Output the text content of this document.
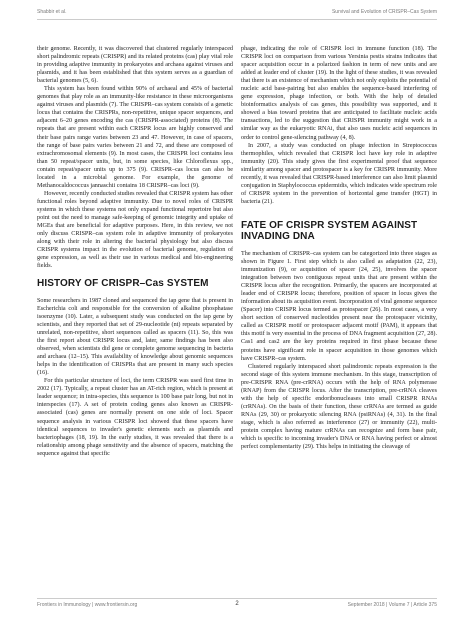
Shabbir et al.	Survival and Evolution of CRISPR–Cas System

their genome. Recently, it was discovered that clustered regularly interspaced short palindromic repeats (CRISPR) and its related proteins (cas) play vital role in providing adaptive immunity in prokaryotes and archaea against viruses and plasmids, and it has been established that this system serves as a guardian of bacterial genomes (5, 6).

This system has been found within 90% of archaeal and 45% of bacterial genomes that play role as an immunity-like resistance in these microorganisms against viruses and plasmids (7). The CRISPR–cas system consists of a genetic locus that contains the CRISPRs, non-repetitive, unique spacer sequences, and adjacent 6–20 genes encoding the cas (CRISPR-associated) proteins (8). The repeats that are present within each CRISPR locus are highly conserved and their base pairs range varies between 23 and 47. However, in case of spacers, the range of base pairs varies between 21 and 72, and these are composed of extrachromosomal elements (9). In most cases, the CRISPR loci contains less than 50 repeat/spacer units, but, in some species, like Chloroflexus spp., contain repeat/spacer units up to 375 (9). CRISPR–cas locus can also be located in a microbial genome. For example, the genome of Methanocaldococcus jannaschii contains 18 CRISPR–cas loci (9).

However, recently conducted studies revealed that CRISPR system has other functional roles beyond adaptive immunity. Due to novel roles of CRISPR systems in which these systems not only expand functional repertoire but also point out the need to manage safe-keeping of genomic integrity and uptake of MGEs that are beneficial for adaptive purposes. Here, in this review, we not only discuss CRISPR–cas system role in adaptive immunity of prokaryotes along with their role in altering the bacterial physiology but also discuss CRISPR systems impact in the evolution of bacterial genome, regulation of gene expression, as well as their use in various medical and bio-engineering fields.

HISTORY OF CRISPR–Cas SYSTEM

Some researchers in 1987 cloned and sequenced the iap gene that is present in Escherichia coli and responsible for the conversion of alkaline phosphatase isoenzyme (10). Later, a subsequent study was conducted on the iap gene by scientists, and they reported that set of 29-nucleotide (nt) repeats separated by unrelated, non-repetitive, short sequences called as spacers (11). So, this was the first report about CRISPR locus and, later, same findings has been also observed, when scientists did gene or complete genome sequencing in bacteria and archaea (12–15). This availability of knowledge about genomic sequences helps in the identification of CRISPRs that are present in many such species (16).

For this particular structure of loci, the term CRISPR was used first time in 2002 (17). Typically, a repeat cluster has an AT-rich region, which is present at leader sequence; in intra-species, this sequence is 100 base pair long, but not in interspecies (17). A set of protein coding genes also known as CRISPR-associated (cas) genes are normally present on one side of loci. Spacer sequence analysis in various CRISPR loci showed that these spacers have identical sequences to invader's genetic elements such as plasmids and bacteriophages (18, 19). In the early studies, it was revealed that there is a relationship among phage sensitivity and the absence of spacers, matching the sequence against that specific

phage, indicating the role of CRISPR loci in immune function (18). The CRISPR loci on comparison from various Yersinia pestis strains indicates that spacer acquisition occur in a polarized fashion in term of new units and are added at leader end of cluster (19). In the light of these studies, it was revealed that there is an existence of mechanism which not only exploits the potential of nucleic acid base-pairing but also enables the sequence-based interfering of gene expression, phage infection, or both. With the help of detailed bioinformatics analysis of cas genes, this possibility was supported, and it showed a bias toward proteins that are anticipated to facilitate nucleic acids transactions, led to the suggestion that CRISPR immunity might work in a similar way as the eukaryotic RNAi, that also uses nucleic acid sequences in order to control gene-silencing pathway (4, 8).

In 2007, a study was conducted on phage infection in Streptococcus thermophiles, which revealed that CRISPR loci have key role in adaptive immunity (20). This study gives the first experimental proof that sequence similarity among spacer and protospacer is a key for CRISPR immunity. More recently, it was revealed that CRISPR-based interference can also limit plasmid conjugation in Staphylococcus epidermidis, which indicates wide spectrum role of CRISPR system in the prevention of horizontal gene transfer (HGT) in bacteria (21).

FATE OF CRISPR SYSTEM AGAINST INVADING DNA

The mechanism of CRISPR–cas system can be categorized into three stages as shown in Figure 1. First step which is also called as adaptation (22, 23), immunization (9), or acquisition of spacer (24, 25), involves the spacer integration between two contiguous repeat units that are present within the CRISPR locus after the recognition. Primarily, the spacers are incorporated at leader end of CRISPR locus; therefore, position of spacer in locus gives the information about its acquisition event. Incorporation of viral genome sequence (Spacer) into CRISPR locus termed as protospacer (26). In most cases, a very short section of conserved nucleotides present near the protospacer vicinity, called as CRISPR motif or protospacer adjacent motif (PAM), it appears that this motif is very essential in the process of DNA fragment acquisition (27, 28). Cas1 and cas2 are the key proteins required in first phase because these proteins have significant role in spacer acquisition in those genomes which have CRISPR–cas system.

Clustered regularly interspaced short palindromic repeats expression is the second stage of this system immune mechanism. In this stage, transcription of pre-CRISPR RNA (pre-crRNA) occurs with the help of RNA polymerase (RNAP) from the CRISPR locus. After the transcription, pre-crRNA cleaves with the help of specific endoribonucleases into small CRISPR RNAs (crRNAs). On the basis of their function, these crRNAs are termed as guide RNAs (29, 30) or prokaryotic silencing RNA (psiRNAs) (4, 31). In the final stage, which is also referred as interference (27) or immunity (22), multi-protein complex having mature crRNAs can recognize and form base pair, which is specific to incoming invader's DNA or RNA having perfect or almost perfect complementarity (29). This helps in initiating the cleavage of

Frontiers in Immunology | www.frontiersin.org	2	September 2018 | Volume 7 | Article 375
